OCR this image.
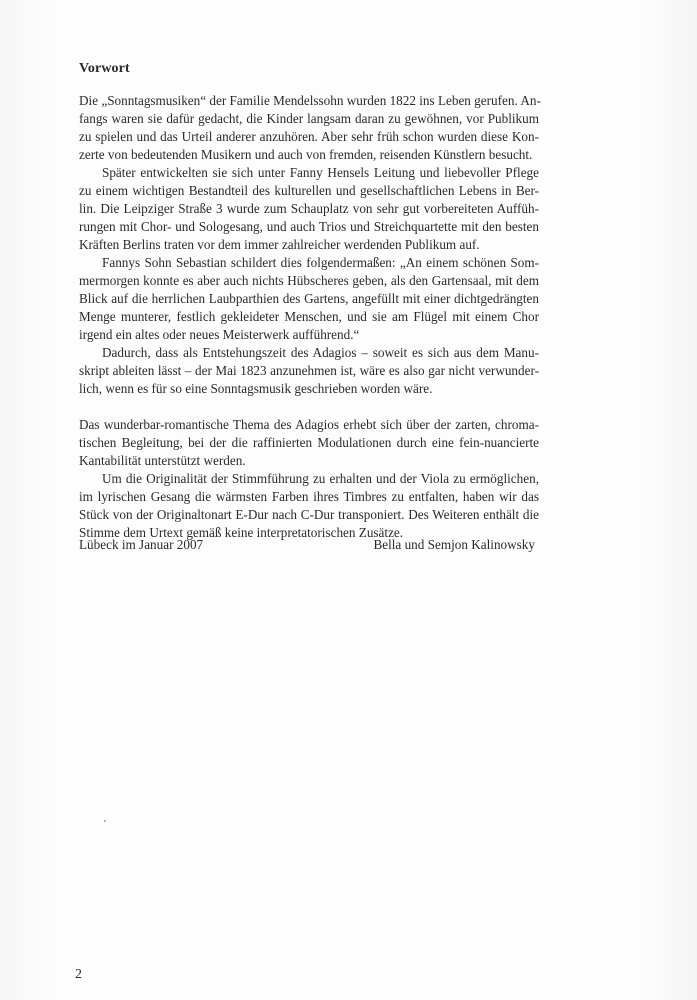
Vorwort
Die „Sonntagsmusiken“ der Familie Mendelssohn wurden 1822 ins Leben gerufen. An-
fangs waren sie dafür gedacht, die Kinder langsam daran zu gewöhnen, vor Publikum
zu spielen und das Urteil anderer anzuhören. Aber sehr früh schon wurden diese Kon-
zerte von bedeutenden Musikern und auch von fremden, reisenden Künstlern besucht.
Später entwickelten sie sich unter Fanny Hensels Leitung und liebevoller Pflege
zu einem wichtigen Bestandteil des kulturellen und gesellschaftlichen Lebens in Ber-
lin. Die Leipziger Straße 3 wurde zum Schauplatz von sehr gut vorbereiteten Auffüh-
rungen mit Chor- und Sologesang, und auch Trios und Streichquartette mit den besten
Kräften Berlins traten vor dem immer zahlreicher werdenden Publikum auf.
Fannys Sohn Sebastian schildert dies folgendermaßen: „An einem schönen Som-
mermorgen konnte es aber auch nichts Hübscheres geben, als den Gartensaal, mit dem
Blick auf die herrlichen Laubparthien des Gartens, angefüllt mit einer dichtgedrängten
Menge munterer, festlich gekleideter Menschen, und sie am Flügel mit einem Chor
irgend ein altes oder neues Meisterwerk aufführend.“
Dadurch, dass als Entstehungszeit des Adagios – soweit es sich aus dem Manu-
skript ableiten lässt – der Mai 1823 anzunehmen ist, wäre es also gar nicht verwunder-
lich, wenn es für so eine Sonntagsmusik geschrieben worden wäre.
Das wunderbar-romantische Thema des Adagios erhebt sich über der zarten, chroma-
tischen Begleitung, bei der die raffinierten Modulationen durch eine fein-nuancierte
Kantabilität unterstützt werden.
Um die Originalität der Stimmführung zu erhalten und der Viola zu ermöglichen,
im lyrischen Gesang die wärmsten Farben ihres Timbres zu entfalten, haben wir das
Stück von der Originaltonart E-Dur nach C-Dur transponiert. Des Weiteren enthält die
Stimme dem Urtext gemäß keine interpretatorischen Zusätze.
Lübeck im Januar 2007	Bella und Semjon Kalinowsky
2
